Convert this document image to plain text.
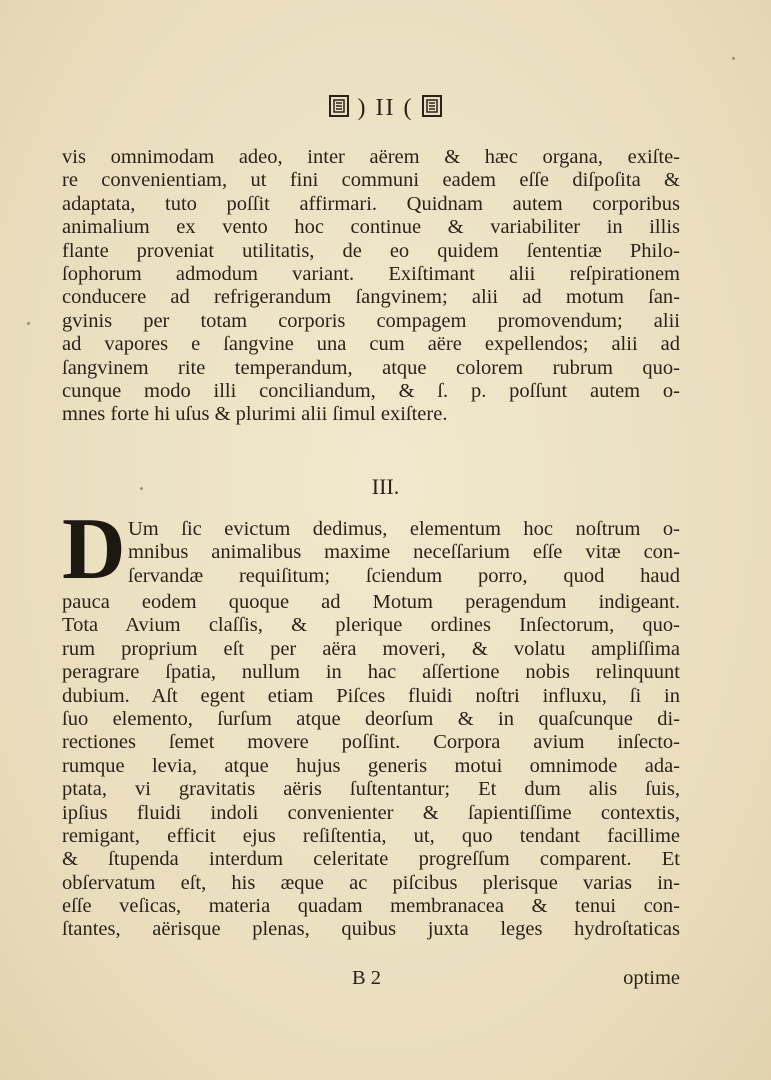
) II (
vis omnimodam adeo, inter aërem & hæc organa, exiſte-
re convenientiam, ut fini communi eadem eſſe diſpoſita &
adaptata, tuto poſſit affirmari. Quidnam autem corporibus
animalium ex vento hoc continue & variabiliter in illis
flante proveniat utilitatis, de eo quidem ſententiæ Philo-
ſophorum admodum variant. Exiſtimant alii reſpirationem
conducere ad refrigerandum ſangvinem; alii ad motum ſan-
gvinis per totam corporis compagem promovendum; alii
ad vapores e ſangvine una cum aëre expellendos; alii ad
ſangvinem rite temperandum, atque colorem rubrum quo-
cunque modo illi conciliandum, & ſ. p. poſſunt autem o-
mnes forte hi uſus & plurimi alii ſimul exiſtere.
III.
D Um ſic evictum dedimus, elementum hoc noſtrum o-
mnibus animalibus maxime neceſſarium eſſe vitæ con-
ſervandæ requiſitum; ſciendum porro, quod haud
pauca eodem quoque ad Motum peragendum indigeant.
Tota Avium claſſis, & plerique ordines Inſectorum, quo-
rum proprium eſt per aëra moveri, & volatu ampliſſima
peragrare ſpatia, nullum in hac aſſertione nobis relinquunt
dubium. Aſt egent etiam Piſces fluidi noſtri influxu, ſi in
ſuo elemento, ſurſum atque deorſum & in quaſcunque di-
rectiones ſemet movere poſſint. Corpora avium inſecto-
rumque levia, atque hujus generis motui omnimode ada-
ptata, vi gravitatis aëris ſuſtentantur; Et dum alis ſuis,
ipſius fluidi indoli convenienter & ſapientiſſime contextis,
remigant, efficit ejus reſiſtentia, ut, quo tendant facillime
& ſtupenda interdum celeritate progreſſum comparent. Et
obſervatum eſt, his æque ac piſcibus plerisque varias in-
eſſe veſicas, materia quadam membranacea & tenui con-
ſtantes, aërisque plenas, quibus juxta leges hydroſtaticas
B 2	optime
